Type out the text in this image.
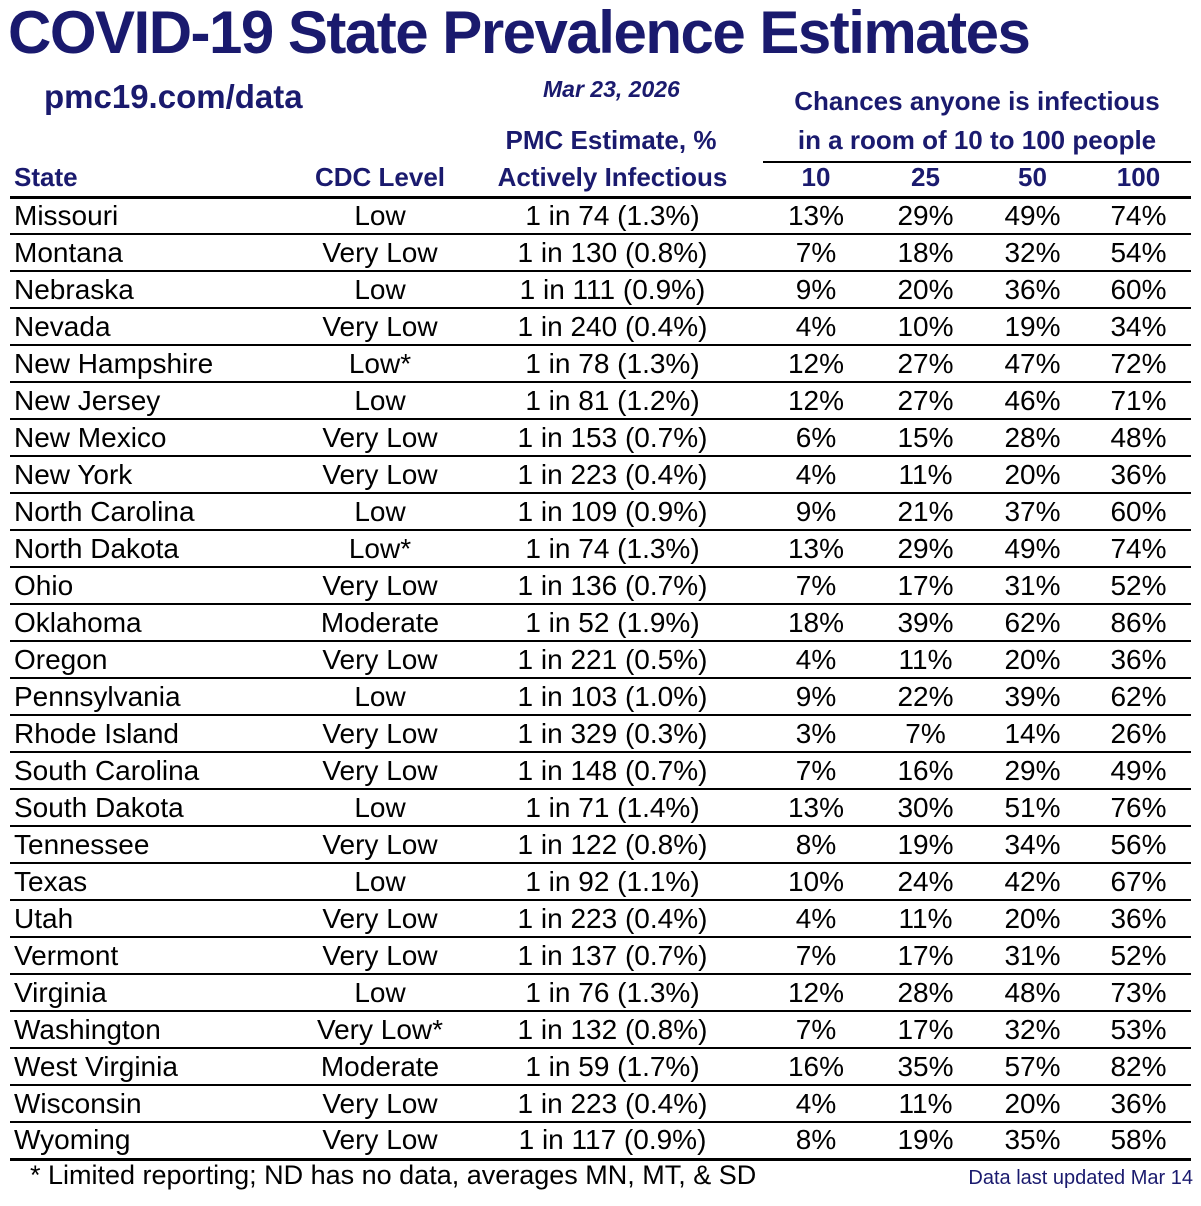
COVID-19 State Prevalence Estimates
pmc19.com/data	Mar 23, 2026	Chances anyone is infectious
in a room of 10 to 100 people
PMC Estimate, %
State	CDC Level	Actively Infectious	10	25	50	100
Missouri	Low	1 in 74 (1.3%)	13%	29%	49%	74%
Montana	Very Low	1 in 130 (0.8%)	7%	18%	32%	54%
Nebraska	Low	1 in 111 (0.9%)	9%	20%	36%	60%
Nevada	Very Low	1 in 240 (0.4%)	4%	10%	19%	34%
New Hampshire	Low*	1 in 78 (1.3%)	12%	27%	47%	72%
New Jersey	Low	1 in 81 (1.2%)	12%	27%	46%	71%
New Mexico	Very Low	1 in 153 (0.7%)	6%	15%	28%	48%
New York	Very Low	1 in 223 (0.4%)	4%	11%	20%	36%
North Carolina	Low	1 in 109 (0.9%)	9%	21%	37%	60%
North Dakota	Low*	1 in 74 (1.3%)	13%	29%	49%	74%
Ohio	Very Low	1 in 136 (0.7%)	7%	17%	31%	52%
Oklahoma	Moderate	1 in 52 (1.9%)	18%	39%	62%	86%
Oregon	Very Low	1 in 221 (0.5%)	4%	11%	20%	36%
Pennsylvania	Low	1 in 103 (1.0%)	9%	22%	39%	62%
Rhode Island	Very Low	1 in 329 (0.3%)	3%	7%	14%	26%
South Carolina	Very Low	1 in 148 (0.7%)	7%	16%	29%	49%
South Dakota	Low	1 in 71 (1.4%)	13%	30%	51%	76%
Tennessee	Very Low	1 in 122 (0.8%)	8%	19%	34%	56%
Texas	Low	1 in 92 (1.1%)	10%	24%	42%	67%
Utah	Very Low	1 in 223 (0.4%)	4%	11%	20%	36%
Vermont	Very Low	1 in 137 (0.7%)	7%	17%	31%	52%
Virginia	Low	1 in 76 (1.3%)	12%	28%	48%	73%
Washington	Very Low*	1 in 132 (0.8%)	7%	17%	32%	53%
West Virginia	Moderate	1 in 59 (1.7%)	16%	35%	57%	82%
Wisconsin	Very Low	1 in 223 (0.4%)	4%	11%	20%	36%
Wyoming	Very Low	1 in 117 (0.9%)	8%	19%	35%	58%
* Limited reporting; ND has no data, averages MN, MT, & SD	Data last updated Mar 14
